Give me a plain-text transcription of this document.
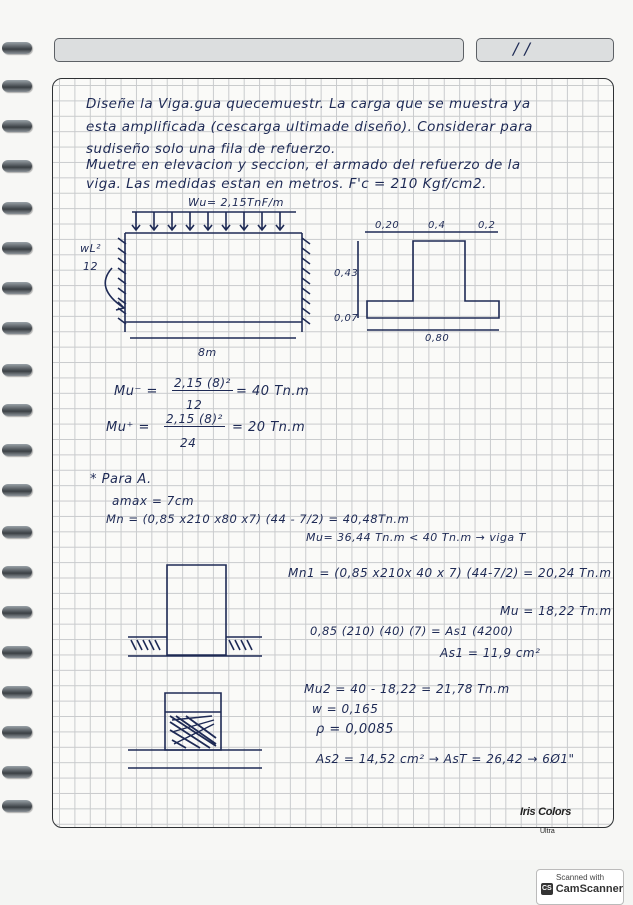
/ /
Diseñe la Viga.gua quecemuestr. La carga que se muestra ya
esta amplificada (cescarga ultimade diseño). Considerar para
sudiseño solo una fila de refuerzo.
Muetre en elevacion y seccion, el armado del refuerzo de la
viga. Las medidas estan en metros. F'c = 210 Kgf/cm2.
Wu= 2,15TnF/m
wL²
12
8m
0,20	0,4	0,2
0,43
0,07
0,80
Mu⁻ =
2,15 (8)²
12
= 40 Tn.m
Mu⁺ =
2,15 (8)²
24
= 20 Tn.m
* Para A.
amax = 7cm
Mn = (0,85 x210 x80 x7) (44 - 7/2) = 40,48Tn.m
Mu= 36,44 Tn.m < 40 Tn.m → viga T
Mn1 = (0,85 x210x 40 x 7) (44-7/2) = 20,24 Tn.m
Mu = 18,22 Tn.m
0,85 (210) (40) (7) = As1 (4200)
As1 = 11,9 cm²
Mu2 = 40 - 18,22 = 21,78 Tn.m
w = 0,165
ρ = 0,0085
As2 = 14,52 cm² → AsT = 26,42 → 6Ø1"
Iris Colors
Ultra
Scanned with
CS CamScanner
